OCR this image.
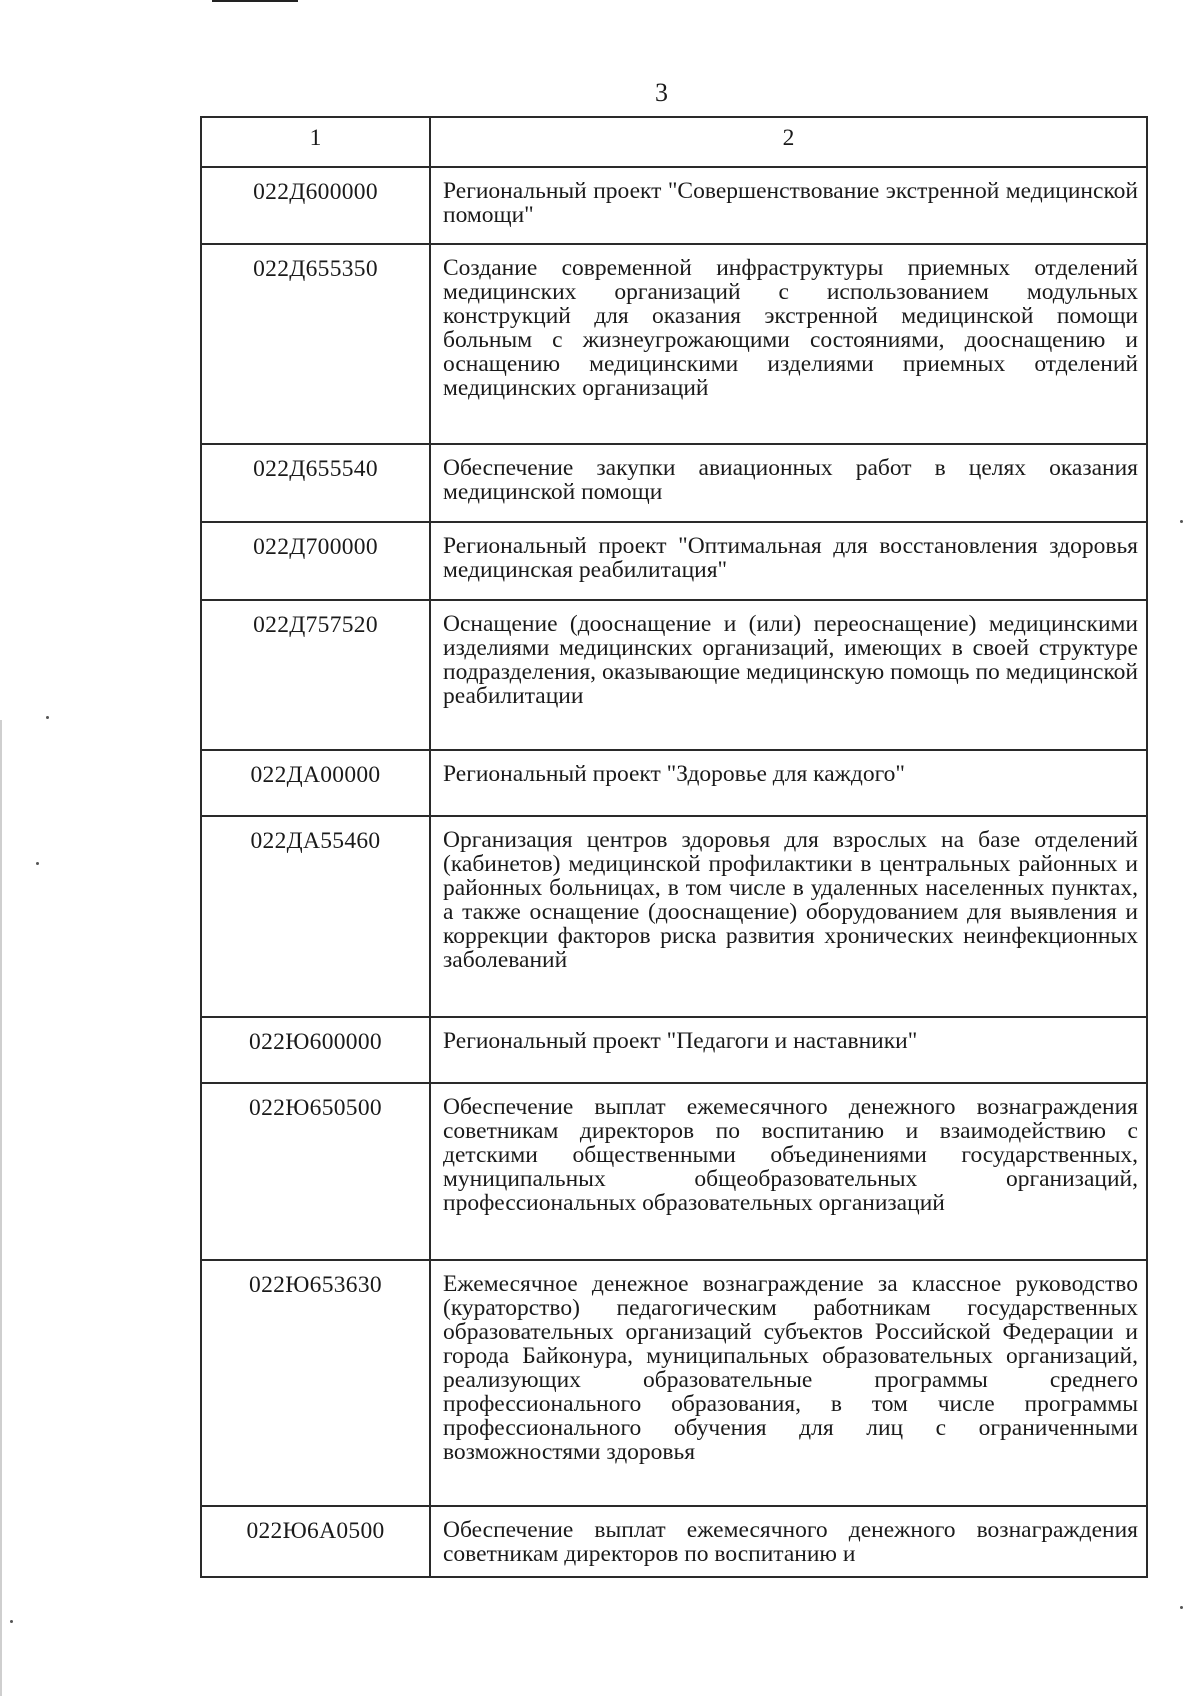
3
1	2
022Д600000	Региональный проект "Совершенствование экстренной медицинской помощи"
022Д655350	Создание современной инфраструктуры приемных отделений медицинских организаций с использованием модульных конструкций для оказания экстренной медицинской помощи больным с жизнеугрожающими состояниями, дооснащению и оснащению медицинскими изделиями приемных отделений медицинских организаций
022Д655540	Обеспечение закупки авиационных работ в целях оказания медицинской помощи
022Д700000	Региональный проект "Оптимальная для восстановления здоровья медицинская реабилитация"
022Д757520	Оснащение (дооснащение и (или) переоснащение) медицинскими изделиями медицинских организаций, имеющих в своей структуре подразделения, оказывающие медицинскую помощь по медицинской реабилитации
022ДА00000	Региональный проект "Здоровье для каждого"
022ДА55460	Организация центров здоровья для взрослых на базе отделений (кабинетов) медицинской профилактики в центральных районных и районных больницах, в том числе в удаленных населенных пунктах, а также оснащение (дооснащение) оборудованием для выявления и коррекции факторов риска развития хронических неинфекционных заболеваний
022Ю600000	Региональный проект "Педагоги и наставники"
022Ю650500	Обеспечение выплат ежемесячного денежного вознаграждения советникам директоров по воспитанию и взаимодействию с детскими общественными объединениями государственных, муниципальных общеобразовательных организаций, профессиональных образовательных организаций
022Ю653630	Ежемесячное денежное вознаграждение за классное руководство (кураторство) педагогическим работникам государственных образовательных организаций субъектов Российской Федерации и города Байконура, муниципальных образовательных организаций, реализующих образовательные программы среднего профессионального образования, в том числе программы профессионального обучения для лиц с ограниченными возможностями здоровья
022Ю6А0500	Обеспечение выплат ежемесячного денежного вознаграждения советникам директоров по воспитанию и
